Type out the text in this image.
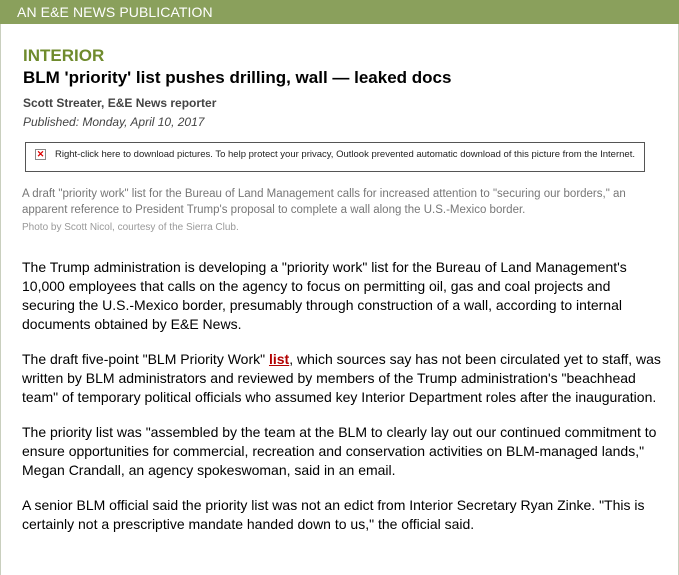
AN E&E NEWS PUBLICATION
INTERIOR
BLM 'priority' list pushes drilling, wall — leaked docs
Scott Streater, E&E News reporter
Published: Monday, April 10, 2017
✕ Right-click here to download pictures. To help protect your privacy, Outlook prevented automatic download of this picture from the Internet.
A draft "priority work" list for the Bureau of Land Management calls for increased attention to "securing our borders," an apparent reference to President Trump's proposal to complete a wall along the U.S.-Mexico border.
Photo by Scott Nicol, courtesy of the Sierra Club.

The Trump administration is developing a "priority work" list for the Bureau of Land Management's 10,000 employees that calls on the agency to focus on permitting oil, gas and coal projects and securing the U.S.-Mexico border, presumably through construction of a wall, according to internal documents obtained by E&E News.

The draft five-point "BLM Priority Work" list, which sources say has not been circulated yet to staff, was written by BLM administrators and reviewed by members of the Trump administration's "beachhead team" of temporary political officials who assumed key Interior Department roles after the inauguration.

The priority list was "assembled by the team at the BLM to clearly lay out our continued commitment to ensure opportunities for commercial, recreation and conservation activities on BLM-managed lands," Megan Crandall, an agency spokeswoman, said in an email.

A senior BLM official said the priority list was not an edict from Interior Secretary Ryan Zinke. "This is certainly not a prescriptive mandate handed down to us," the official said.
